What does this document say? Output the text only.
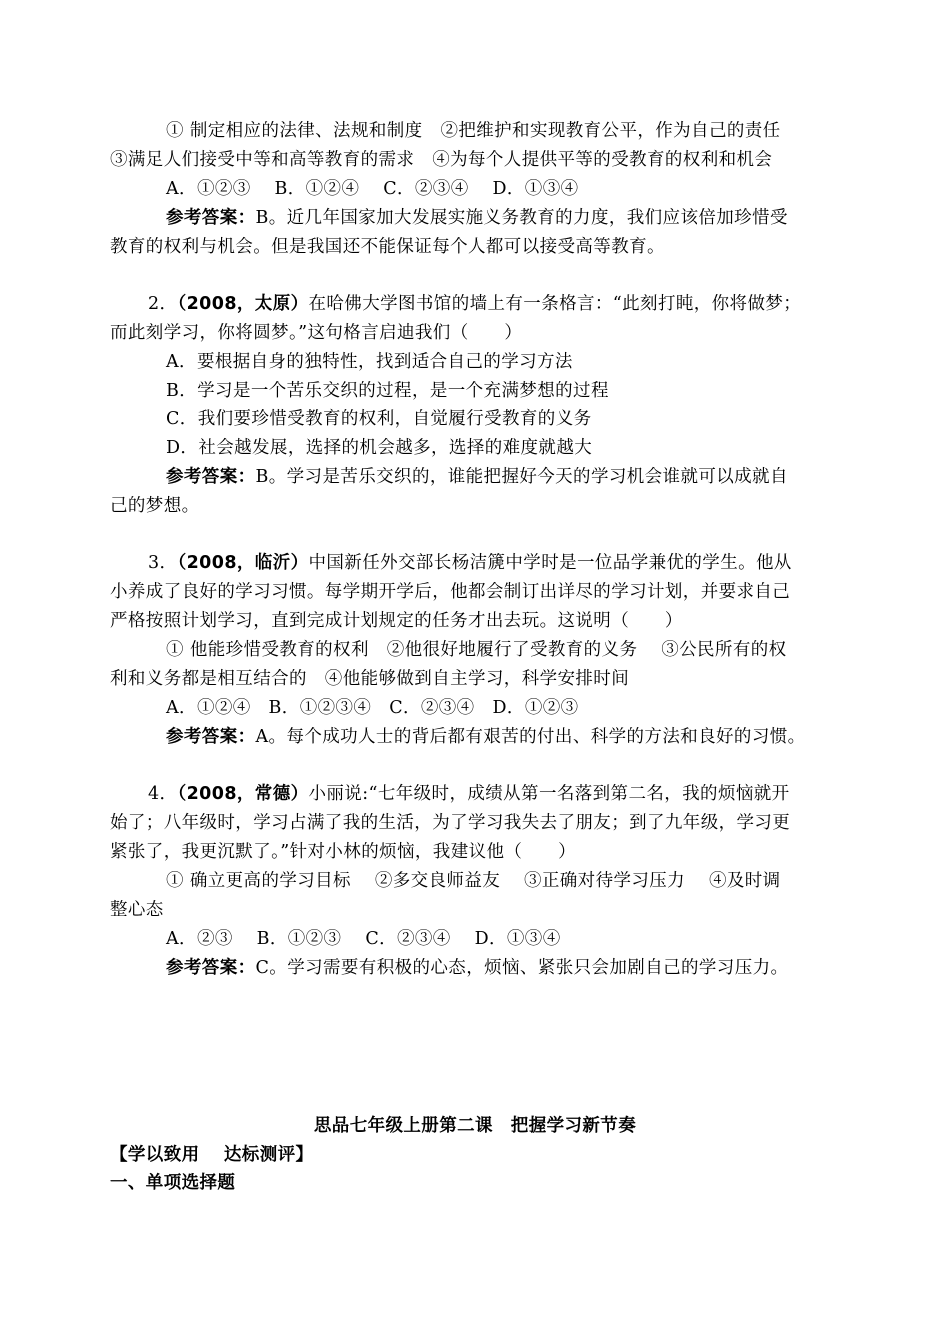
① 制定相应的法律、法规和制度　②把维护和实现教育公平，作为自己的责任
③满足人们接受中等和高等教育的需求　④为每个人提供平等的受教育的权利和机会
A．①②③　 B．①②④　 C．②③④　 D．①③④
参考答案：B。近几年国家加大发展实施义务教育的力度，我们应该倍加珍惜受
教育的权利与机会。但是我国还不能保证每个人都可以接受高等教育。
2．（2008，太原）在哈佛大学图书馆的墙上有一条格言：“此刻打盹，你将做梦；
而此刻学习，你将圆梦。”这句格言启迪我们（　　）
A．要根据自身的独特性，找到适合自己的学习方法
B．学习是一个苦乐交织的过程，是一个充满梦想的过程
C．我们要珍惜受教育的权利，自觉履行受教育的义务
D．社会越发展，选择的机会越多，选择的难度就越大
参考答案：B。学习是苦乐交织的，谁能把握好今天的学习机会谁就可以成就自
己的梦想。
3．（2008，临沂）中国新任外交部长杨洁篪中学时是一位品学兼优的学生。他从
小养成了良好的学习习惯。每学期开学后，他都会制订出详尽的学习计划，并要求自己
严格按照计划学习，直到完成计划规定的任务才出去玩。这说明（　　）
① 他能珍惜受教育的权利　②他很好地履行了受教育的义务　 ③公民所有的权
利和义务都是相互结合的　④他能够做到自主学习，科学安排时间
A．①②④　B．①②③④　C．②③④　D．①②③
参考答案：A。每个成功人士的背后都有艰苦的付出、科学的方法和良好的习惯。
4．（2008，常德）小丽说:“七年级时，成绩从第一名落到第二名，我的烦恼就开
始了；八年级时，学习占满了我的生活，为了学习我失去了朋友；到了九年级，学习更
紧张了，我更沉默了。”针对小林的烦恼，我建议他（　　）
① 确立更高的学习目标　 ②多交良师益友　 ③正确对待学习压力　 ④及时调
整心态
A．②③　 B．①②③　 C．②③④　 D．①③④
参考答案：C。学习需要有积极的心态，烦恼、紧张只会加剧自己的学习压力。
思品七年级上册第二课　把握学习新节奏
【学以致用　 达标测评】
一、单项选择题
